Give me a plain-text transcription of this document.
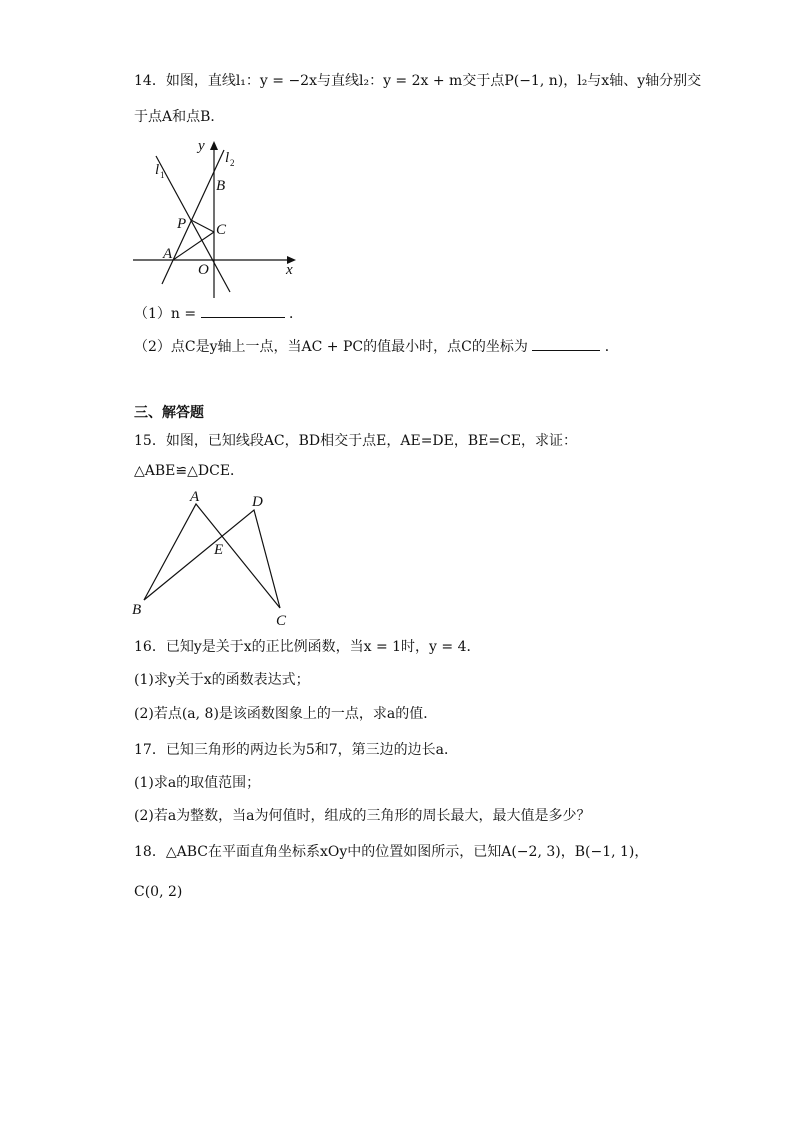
14．如图，直线l₁：y = −2x与直线l₂：y = 2x + m交于点P(−1, n)，l₂与x轴、y轴分别交
于点A和点B．
y
x
l 1
l 2
B
P C
A
O
（1）n =	．
（2）点C是y轴上一点，当AC + PC的值最小时，点C的坐标为	．
三、解答题
15．如图，已知线段AC，BD相交于点E，AE=DE，BE=CE，求证：
△ABE≌△DCE．
A	D
E
B
C
16．已知y是关于x的正比例函数，当x = 1时，y = 4．
(1)求y关于x的函数表达式；
(2)若点(a, 8)是该函数图象上的一点，求a的值．
17．已知三角形的两边长为5和7，第三边的边长a．
(1)求a的取值范围；
(2)若a为整数，当a为何值时，组成的三角形的周长最大，最大值是多少？
18．△ABC在平面直角坐标系xOy中的位置如图所示，已知A(−2, 3)，B(−1, 1)，
C(0, 2)
